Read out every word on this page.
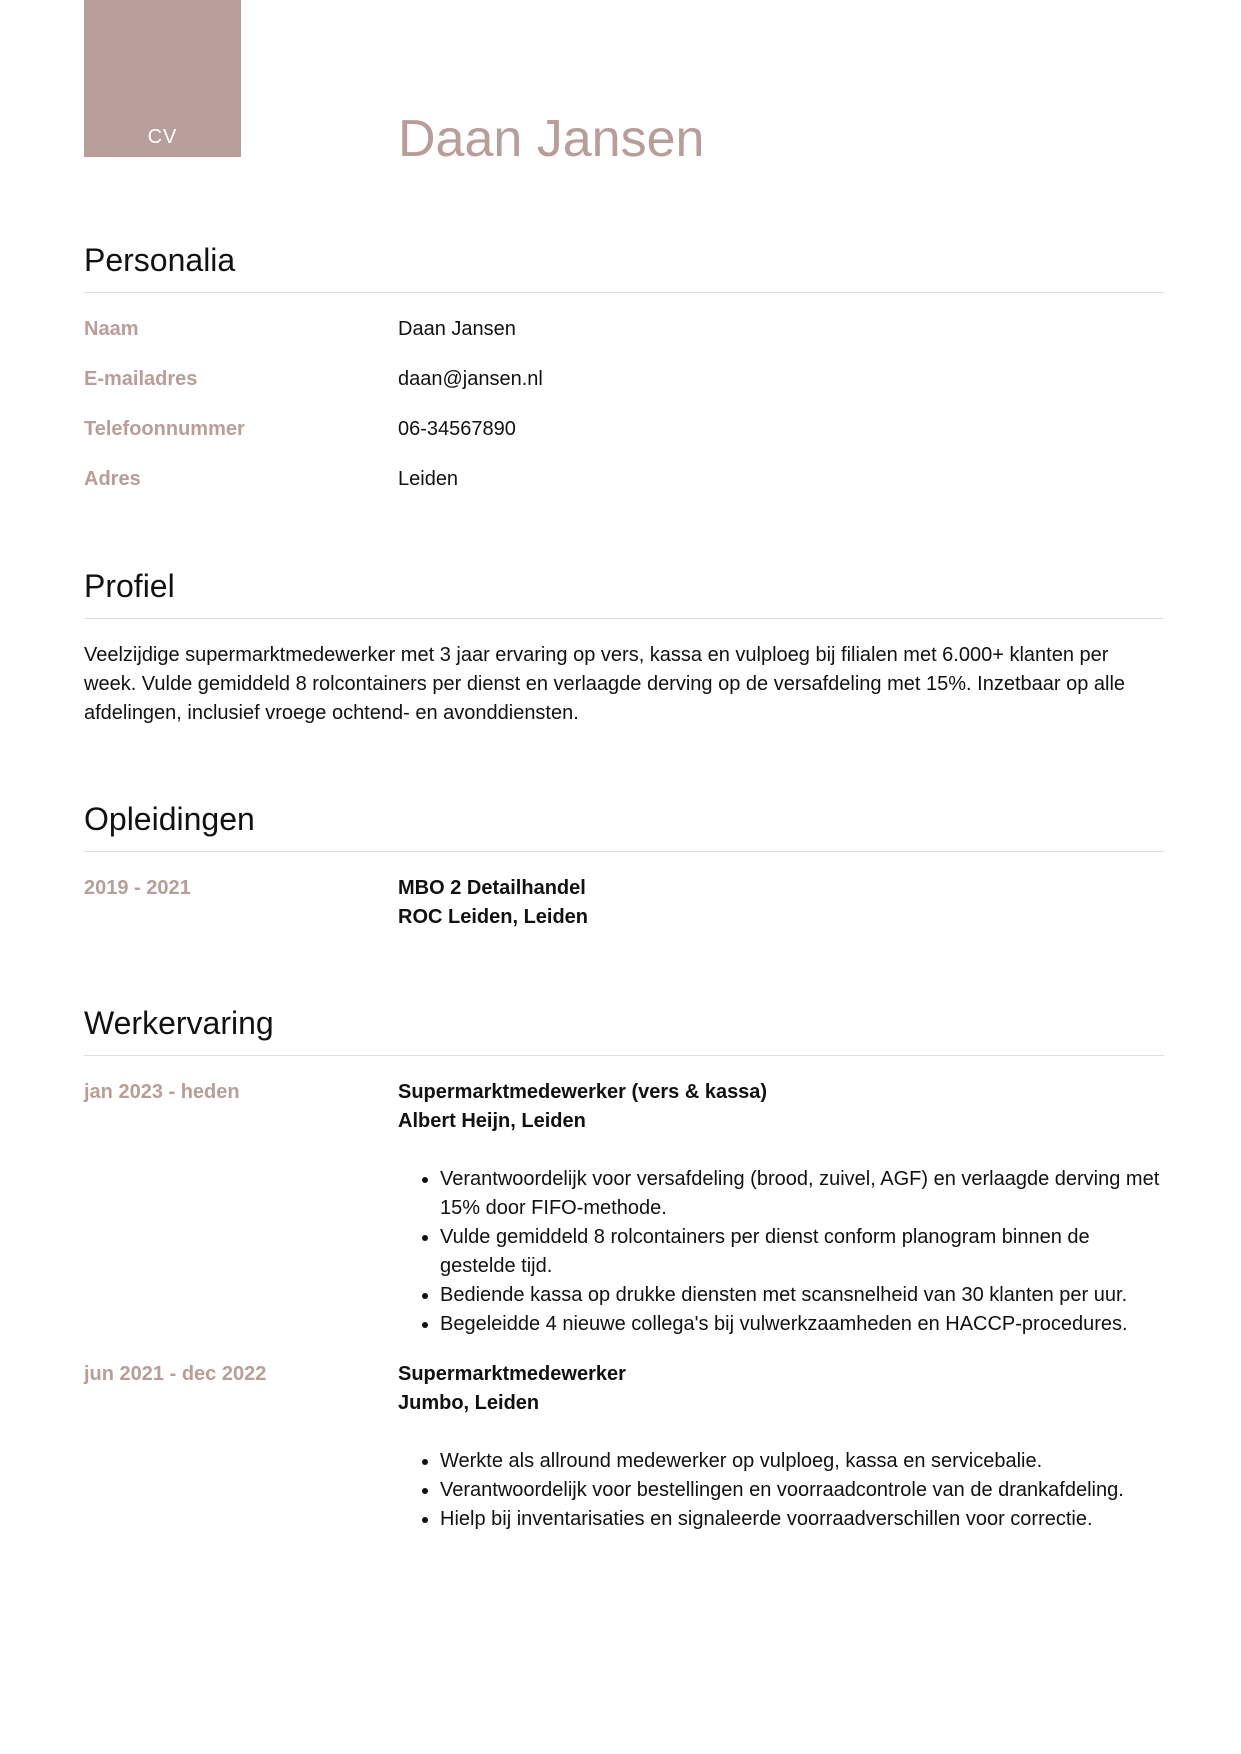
CV	Daan Jansen
Personalia
Naam	Daan Jansen
E-mailadres	daan@jansen.nl
Telefoonnummer	06-34567890
Adres	Leiden
Profiel

Veelzijdige supermarktmedewerker met 3 jaar ervaring op vers, kassa en vulploeg bij filialen met 6.000+ klanten per week. Vulde gemiddeld 8 rolcontainers per dienst en verlaagde derving op de versafdeling met 15%. Inzetbaar op alle afdelingen, inclusief vroege ochtend- en avonddiensten.

Opleidingen
2019 - 2021	MBO 2 Detailhandel
ROC Leiden, Leiden
Werkervaring
jan 2023 - heden	Supermarktmedewerker (vers & kassa)
Albert Heijn, Leiden
• Verantwoordelijk voor versafdeling (brood, zuivel, AGF) en verlaagde derving met 15% door FIFO-methode.
• Vulde gemiddeld 8 rolcontainers per dienst conform planogram binnen de gestelde tijd.
• Bediende kassa op drukke diensten met scansnelheid van 30 klanten per uur.
• Begeleidde 4 nieuwe collega's bij vulwerkzaamheden en HACCP-procedures.
jun 2021 - dec 2022	Supermarktmedewerker
Jumbo, Leiden
• Werkte als allround medewerker op vulploeg, kassa en servicebalie.
• Verantwoordelijk voor bestellingen en voorraadcontrole van de drankafdeling.
• Hielp bij inventarisaties en signaleerde voorraadverschillen voor correctie.
